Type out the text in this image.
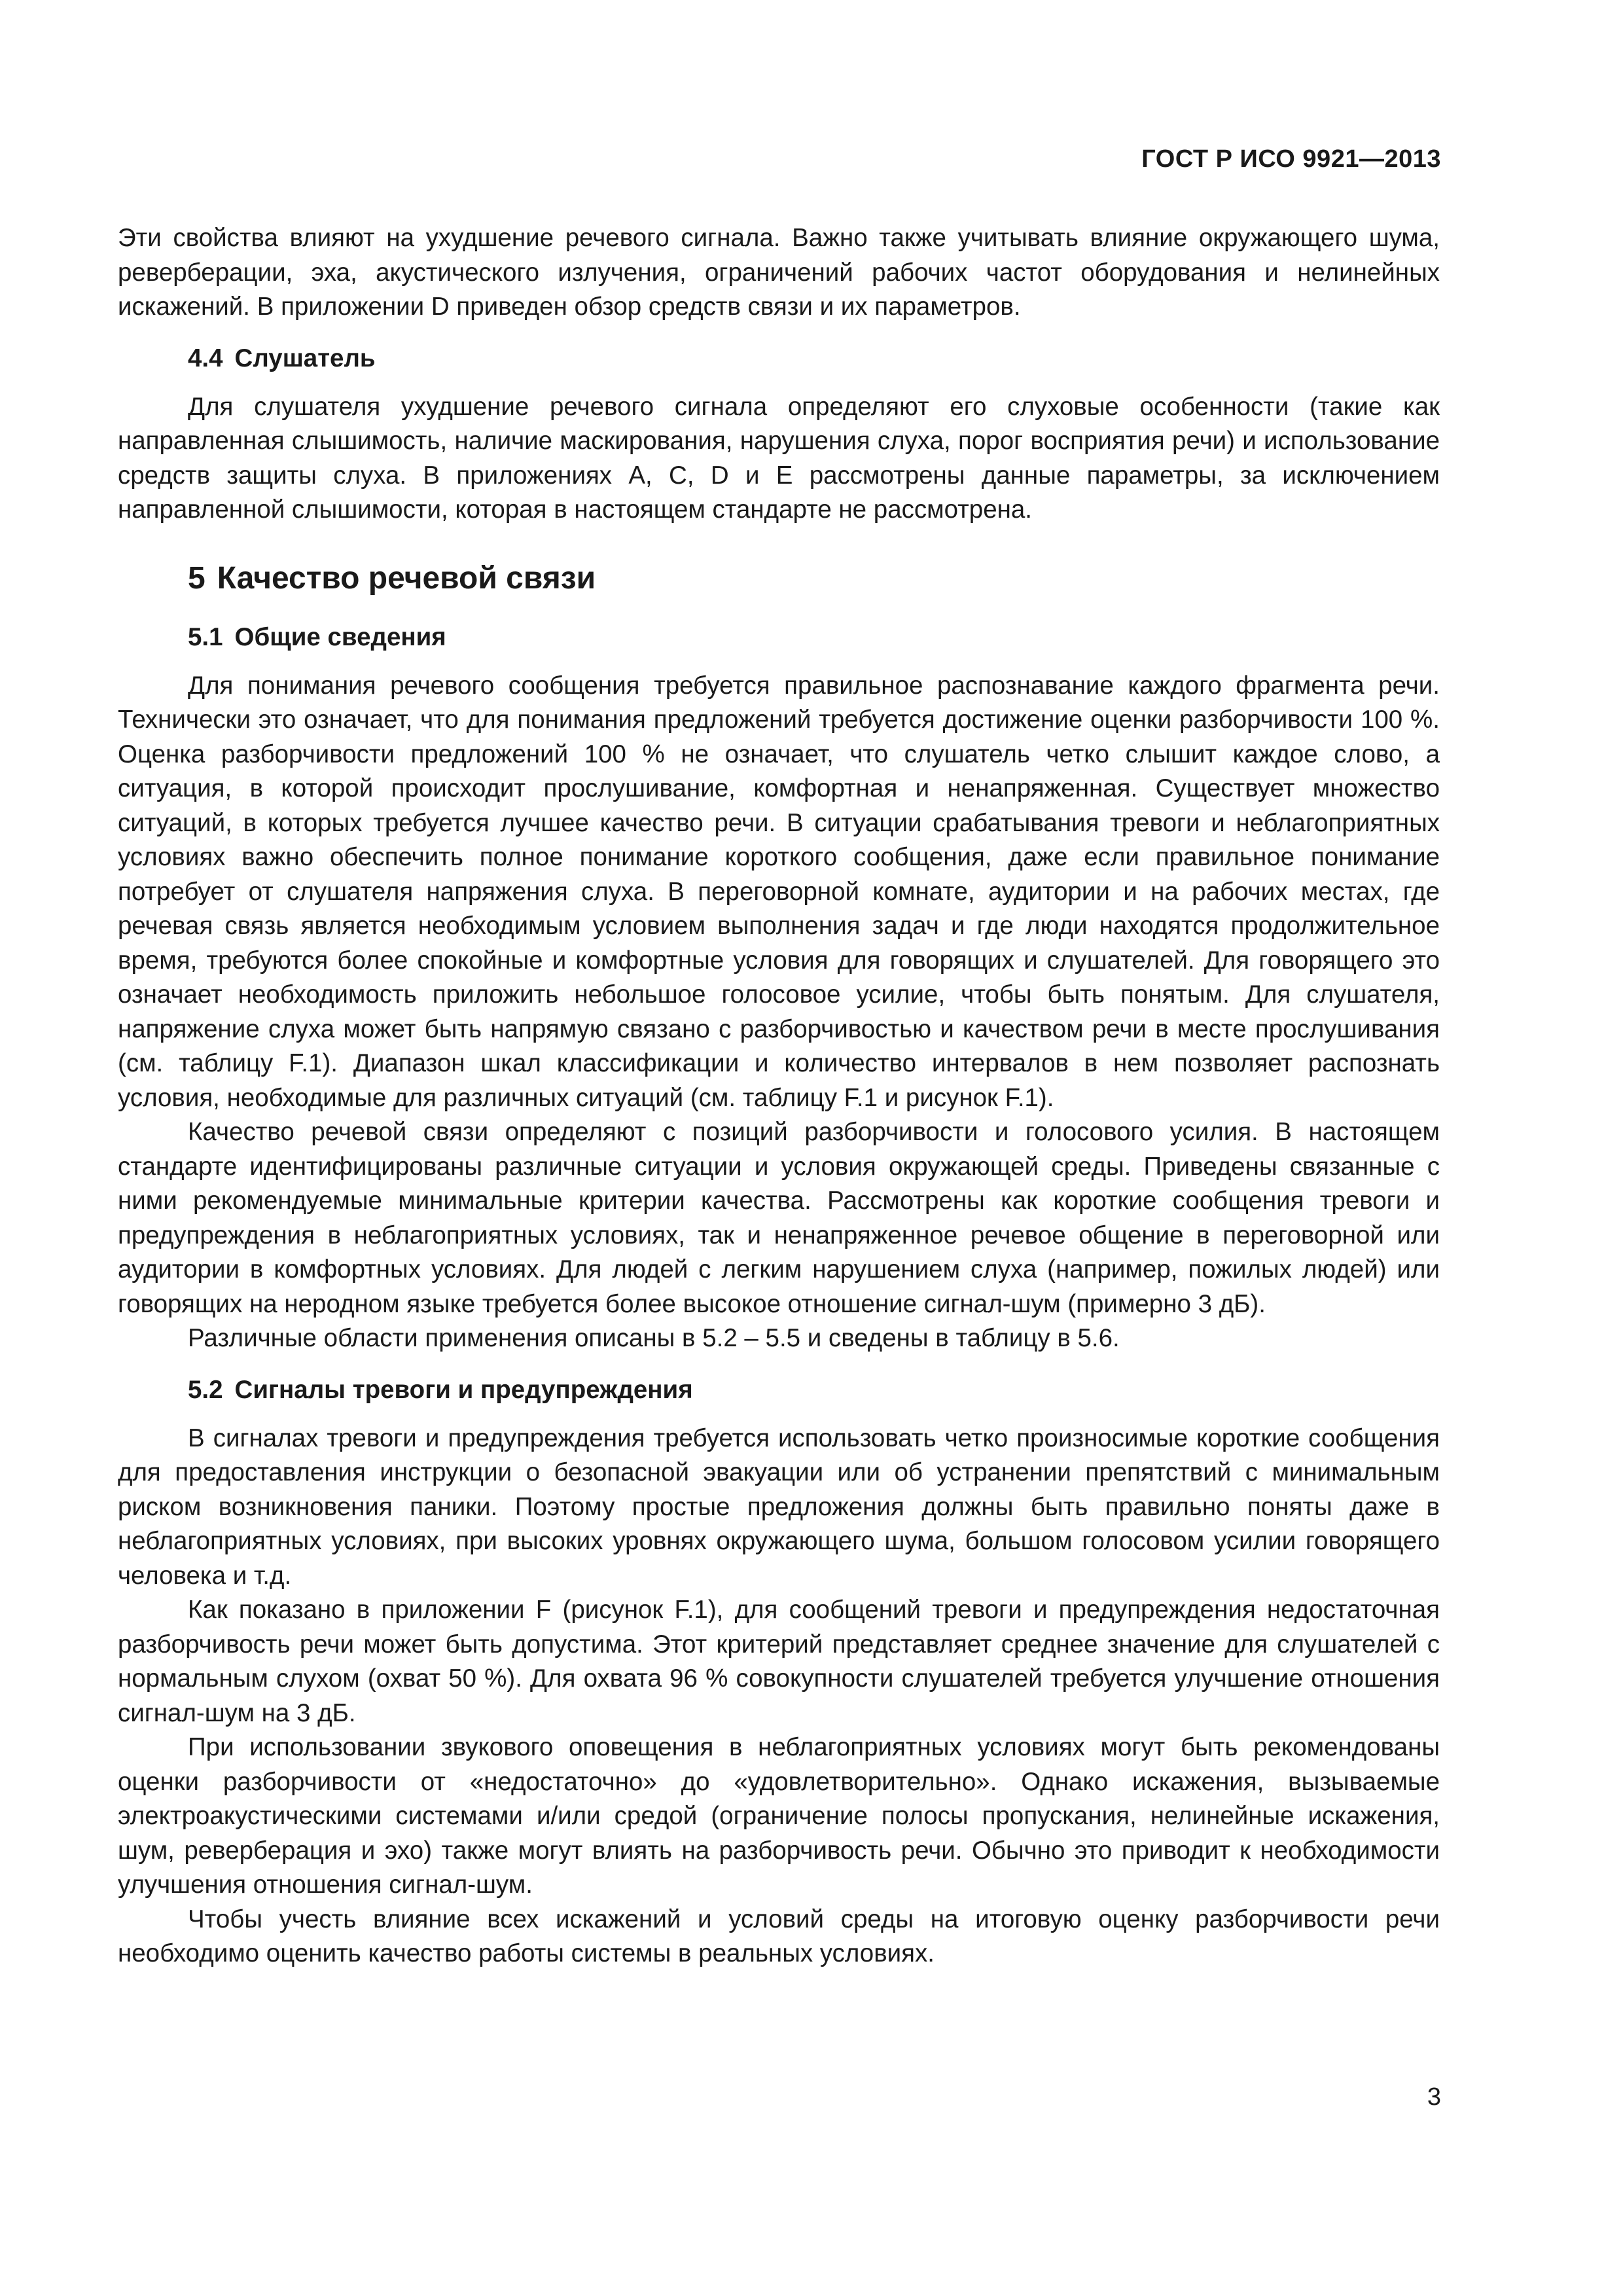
ГОСТ Р ИСО 9921—2013

Эти свойства влияют на ухудшение речевого сигнала. Важно также учитывать влияние окружающего шума, реверберации, эха, акустического излучения, ограничений рабочих частот оборудования и нелинейных искажений. В приложении D приведен обзор средств связи и их параметров.

4.4 Слушатель

Для слушателя ухудшение речевого сигнала определяют его слуховые особенности (такие как направленная слышимость, наличие маскирования, нарушения слуха, порог восприятия речи) и использование средств защиты слуха. В приложениях А, С, D и Е рассмотрены данные параметры, за исключением направленной слышимости, которая в настоящем стандарте не рассмотрена.

5 Качество речевой связи
5.1 Общие сведения

Для понимания речевого сообщения требуется правильное распознавание каждого фрагмента речи. Технически это означает, что для понимания предложений требуется достижение оценки разборчивости 100 %. Оценка разборчивости предложений 100 % не означает, что слушатель четко слышит каждое слово, а ситуация, в которой происходит прослушивание, комфортная и ненапряженная. Существует множество ситуаций, в которых требуется лучшее качество речи. В ситуации срабатывания тревоги и неблагоприятных условиях важно обеспечить полное понимание короткого сообщения, даже если правильное понимание потребует от слушателя напряжения слуха. В переговорной комнате, аудитории и на рабочих местах, где речевая связь является необходимым условием выполнения задач и где люди находятся продолжительное время, требуются более спокойные и комфортные условия для говорящих и слушателей. Для говорящего это означает необходимость приложить небольшое голосовое усилие, чтобы быть понятым. Для слушателя, напряжение слуха может быть напрямую связано с разборчивостью и качеством речи в месте прослушивания (см. таблицу F.1). Диапазон шкал классификации и количество интервалов в нем позволяет распознать условия, необходимые для различных ситуаций (см. таблицу F.1 и рисунок F.1).

Качество речевой связи определяют с позиций разборчивости и голосового усилия. В настоящем стандарте идентифицированы различные ситуации и условия окружающей среды. Приведены связанные с ними рекомендуемые минимальные критерии качества. Рассмотрены как короткие сообщения тревоги и предупреждения в неблагоприятных условиях, так и ненапряженное речевое общение в переговорной или аудитории в комфортных условиях. Для людей с легким нарушением слуха (например, пожилых людей) или говорящих на неродном языке требуется более высокое отношение сигнал-шум (примерно 3 дБ).

Различные области применения описаны в 5.2 – 5.5 и сведены в таблицу в 5.6.

5.2 Сигналы тревоги и предупреждения

В сигналах тревоги и предупреждения требуется использовать четко произносимые короткие сообщения для предоставления инструкции о безопасной эвакуации или об устранении препятствий с минимальным риском возникновения паники. Поэтому простые предложения должны быть правильно поняты даже в неблагоприятных условиях, при высоких уровнях окружающего шума, большом голосовом усилии говорящего человека и т.д.

Как показано в приложении F (рисунок F.1), для сообщений тревоги и предупреждения недостаточная разборчивость речи может быть допустима. Этот критерий представляет среднее значение для слушателей с нормальным слухом (охват 50 %). Для охвата 96 % совокупности слушателей требуется улучшение отношения сигнал-шум на 3 дБ.

При использовании звукового оповещения в неблагоприятных условиях могут быть рекомендованы оценки разборчивости от «недостаточно» до «удовлетворительно». Однако искажения, вызываемые электроакустическими системами и/или средой (ограничение полосы пропускания, нелинейные искажения, шум, реверберация и эхо) также могут влиять на разборчивость речи. Обычно это приводит к необходимости улучшения отношения сигнал-шум.

Чтобы учесть влияние всех искажений и условий среды на итоговую оценку разборчивости речи необходимо оценить качество работы системы в реальных условиях.

3
